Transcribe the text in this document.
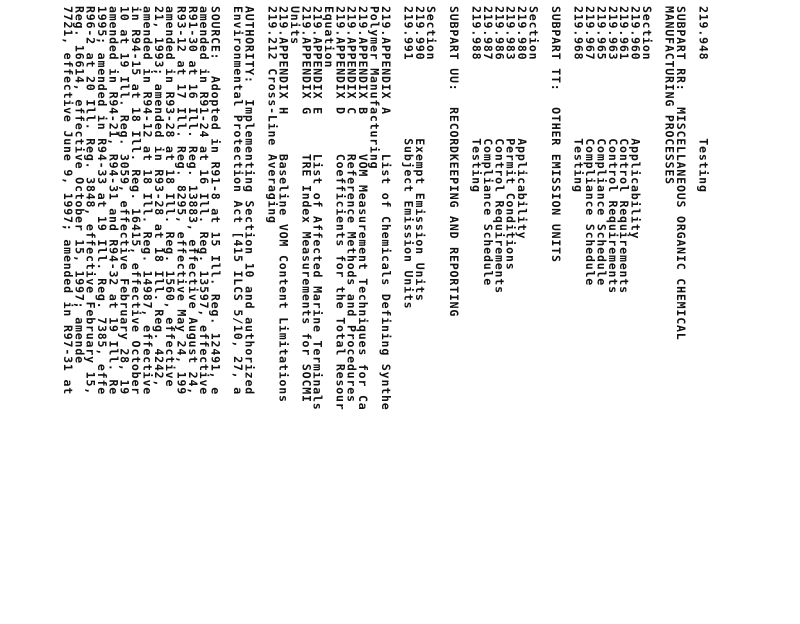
219.948          Testing
SUBPART RR:  MISCELLANEOUS ORGANIC CHEMICAL
MANUFACTURING PROCESSES
Section
219.960          Applicability
219.961          Control Requirements
219.963          Control Requirements
219.965          Compliance Schedule
219.967          Compliance Schedule
219.968          Testing
SUBPART TT:  OTHER EMISSION UNITS
Section
219.980          Applicability
219.983          Permit Conditions
219.986          Control Requirements
219.987          Compliance Schedule
219.988          Testing
SUBPART UU:  RECORDKEEPING AND REPORTING
Section
219.990          Exempt Emission Units
219.991          Subject Emission Units
219.APPENDIX A     List of Chemicals Defining Synthe
Polymer Manufacturing
219.APPENDIX B     VOM Measurement Techniques for Ca
219.APPENDIX C     Reference Methods and Procedures
219.APPENDIX D     Coefficients for the Total Resour
Equation
219.APPENDIX E     List of Affected Marine Terminals
219.APPENDIX G     TRE Index Measurements for SOCMI
Units
219.APPENDIX H     Baseline VOM Content Limitations
219.212 Cross-Line Averaging
AUTHORITY:  Implementing Section 10 and authorized
Environmental Protection Act [415 ILCS 5/10, 27, a
SOURCE:  Adopted in R91-8 at 15 Ill. Reg. 12491, e
amended in R91-24 at 16 Ill. Reg. 13597, effective
R91-30 at 16 Ill. Reg. 13883, effective August 24,
R93-12 at 17 Ill. Reg. 8295, effective May 24, 199
amended in R93-28 at 18 Ill. Reg. 1560, effective
21, 1993; amended in R93-28 at 18 Ill. Reg. 4242,
amended in R94-12 at 18 Ill. Reg. 14987, effective
in R94-15 at 18 Ill. Reg. 16415, effective October
10 at 19 Ill. Reg. 3059, effective February 28, 19
amended in R94-21, R94-31 and R94-32 at 19 Ill. Re
1995; amended in R94-33 at 19 Ill. Reg. 7385, effe
R96-2 at 20 Ill. Reg. 3848, effective February 15,
Reg. 16614, effective October 15, 1997; amende
7721, effective June 9, 1997; amended in R97-31 at
